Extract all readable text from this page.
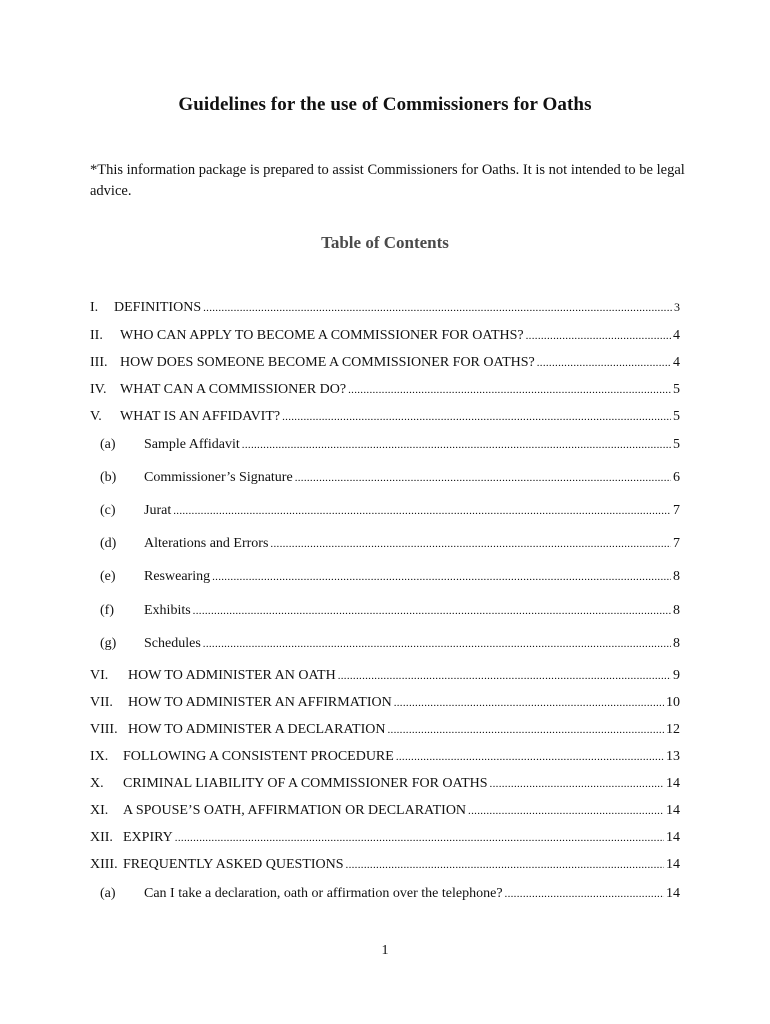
Guidelines for the use of Commissioners for Oaths
*This information package is prepared to assist Commissioners for Oaths. It is not intended to be legal advice.
Table of Contents
I.	DEFINITIONS .....	3
II.	WHO CAN APPLY TO BECOME A COMMISSIONER FOR OATHS? .....	4
III. HOW DOES SOMEONE BECOME A COMMISSIONER FOR OATHS? .....	4
IV. WHAT CAN A COMMISSIONER DO? .....	5
V.	WHAT IS AN AFFIDAVIT? .....	5
(a)	Sample Affidavit .....	5
(b)	Commissioner’s Signature .....	6
(c)	Jurat .....	7
(d)	Alterations and Errors .....	7
(e)	Reswearing .....	8
(f)	Exhibits .....	8
(g)	Schedules .....	8
VI.	HOW TO ADMINISTER AN OATH .....	9
VII.	HOW TO ADMINISTER AN AFFIRMATION .....	10
VIII. HOW TO ADMINISTER A DECLARATION .....	12
IX.	FOLLOWING A CONSISTENT PROCEDURE .....	13
X.	CRIMINAL LIABILITY OF A COMMISSIONER FOR OATHS .....	14
XI.	A SPOUSE’S OATH, AFFIRMATION OR DECLARATION .....	14
XII. EXPIRY .....	14
XIII. FREQUENTLY ASKED QUESTIONS .....	14
(a)	Can I take a declaration, oath or affirmation over the telephone? .....	14
1
